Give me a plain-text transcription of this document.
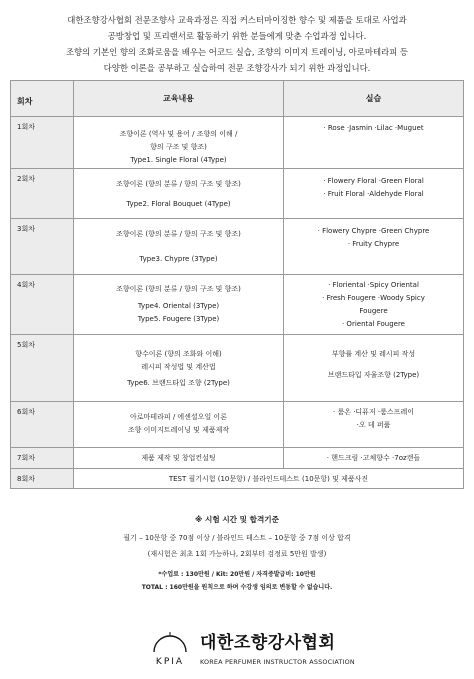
대한조향강사협회 전문조향사 교육과정은 직접 커스터마이징한 향수 및 제품을 토대로 사업과

공방창업 및 프리랜서로 활동하기 위한 분들에게 맞춘 수업과정 입니다.

조향의 기본인 향의 조화로움을 배우는 어코드 실습, 조향의 이미지 트레이닝, 아로마테라피 등

다양한 이론을 공부하고 실습하여 전문 조향강사가 되기 위한 과정입니다.

회차	교육내용	실습
1회차	조향이론 (역사 및 용어 / 조향의 이해 /
향의 구조 및 향조)
Type1. Single Floral (4Type)	· Rose ·Jasmin ·Lilac ·Muguet

2회차	조향이론 (향의 분류 / 향의 구조 및 향조)
Type2. Floral Bouquet (4Type)	· Flowery Floral ·Green Floral
· Fruit Floral ·Aldehyde Floral

3회차	조향이론 (향의 분류 / 향의 구조 및 향조)
Type3. Chypre (3Type)	· Flowery Chypre ·Green Chypre
· Fruity Chypre

4회차	조향이론 (향의 분류 / 향의 구조 및 향조)
Type4. Oriental (3Type)
Type5. Fougere (3Type)	· Floriental ·Spicy Oriental
· Fresh Fougere ·Woody Spicy
Fougere
· Oriental Fougere

5회차	향수이론 (향의 조화와 이해)
레시피 작성법 및 계산법
Type6. 브랜드타입 조향 (2Type)	부향률 계산 및 레시피 작성
브랜드타입 자율조향 (2Type)

6회차	아로마테라피 / 에센셜오일 이론
조향 이미지트레이닝 및 제품제작	· 룸온 ·디퓨저 ·룸스프레이
·오 데 퍼퓸

7회차	제품 제작 및 창업컨설팅	· 핸드크림 ·고체향수 ·7oz캔들

8회차	TEST 필기시험 (10문항) / 블라인드테스트 (10문항) 및 제품사진	
※ 시험 시간 및 합격기준
필기 – 10문항 중 70점 이상 / 블라인드 테스트 – 10문항 중 7점 이상 합격
(재시험은 최초 1회 가능하나, 2회부터 검정료 5만원 발생)
*수업료 : 130만원 / Kit: 20만원 / 자격증발급비: 10만원
TOTAL : 160만원을 원칙으로 하며 수강생 임의로 변동할 수 없습니다.
KPIA
대한조향강사협회
KOREA PERFUMER INSTRUCTOR ASSOCIATION
